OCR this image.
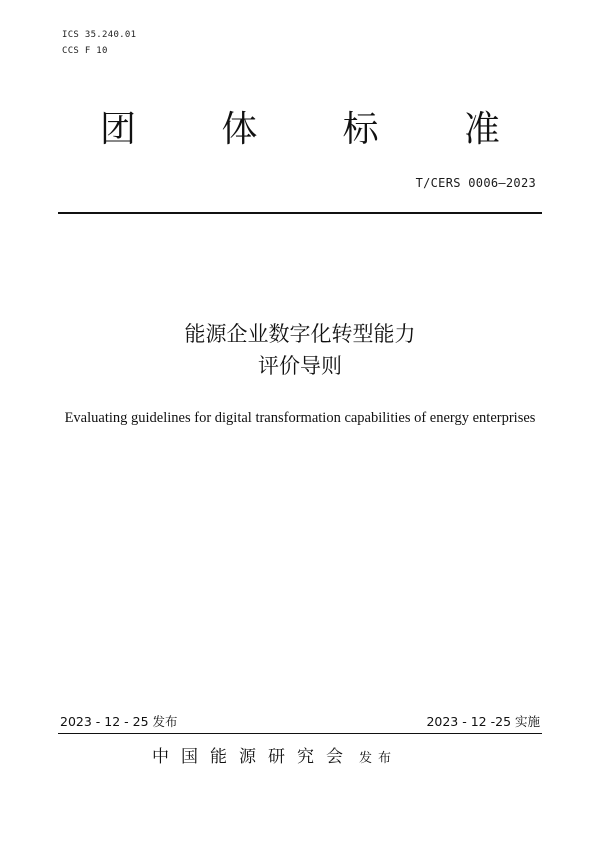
ICS 35.240.01
CCS F 10
团 体 标 准
T/CERS 0006—2023
能源企业数字化转型能力
评价导则
Evaluating guidelines for digital transformation capabilities of energy enterprises
2023 - 12 - 25 发布	2023 - 12 -25 实施
中国能源研究会 发布
